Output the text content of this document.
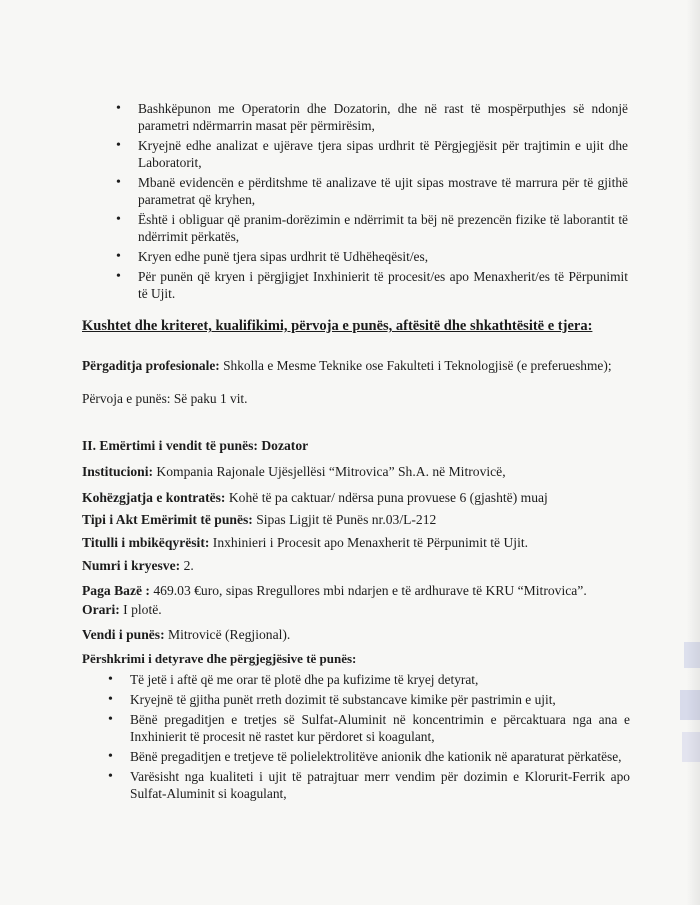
• Bashkëpunon me Operatorin dhe Dozatorin, dhe në rast të mospërputhjes së ndonjë parametri ndërmarrin masat për përmirësim,
• Kryejnë edhe analizat e ujërave tjera sipas urdhrit të Përgjegjësit për trajtimin e ujit dhe Laboratorit,
• Mbanë evidencën e përditshme të analizave të ujit sipas mostrave të marrura për të gjithë parametrat që kryhen,
• Është i obliguar që pranim-dorëzimin e ndërrimit ta bëj në prezencën fizike të laborantit të ndërrimit përkatës,
• Kryen edhe punë tjera sipas urdhrit të Udhëheqësit/es,
• Për punën që kryen i përgjigjet Inxhinierit të procesit/es apo Menaxherit/es të Përpunimit të Ujit.
Kushtet dhe kriteret, kualifikimi, përvoja e punës, aftësitë dhe shkathtësitë e tjera:
Përgaditja profesionale: Shkolla e Mesme Teknike ose Fakulteti i Teknologjisë (e preferueshme);
Përvoja e punës: Së paku 1 vit.
II. Emërtimi i vendit të punës: Dozator
Institucioni: Kompania Rajonale Ujësjellësi “Mitrovica” Sh.A. në Mitrovicë,
Kohëzgjatja e kontratës: Kohë të pa caktuar/ ndërsa puna provuese 6 (gjashtë) muaj
Tipi i Akt Emërimit të punës: Sipas Ligjit të Punës nr.03/L-212
Titulli i mbikëqyrësit: Inxhinieri i Procesit apo Menaxherit të Përpunimit të Ujit.
Numri i kryesve: 2.
Paga Bazë : 469.03 €uro, sipas Rregullores mbi ndarjen e të ardhurave të KRU “Mitrovica”.
Orari: I plotë.
Vendi i punës: Mitrovicë (Regjional).
Përshkrimi i detyrave dhe përgjegjësive të punës:
• Të jetë i aftë që me orar të plotë dhe pa kufizime të kryej detyrat,
• Kryejnë të gjitha punët rreth dozimit të substancave kimike për pastrimin e ujit,
• Bënë pregaditjen e tretjes së Sulfat-Aluminit në koncentrimin e përcaktuara nga ana e Inxhinierit të procesit në rastet kur përdoret si koagulant,
• Bënë pregaditjen e tretjeve të polielektrolitëve anionik dhe kationik në aparaturat përkatëse,
• Varësisht nga kualiteti i ujit të patrajtuar merr vendim për dozimin e Klorurit-Ferrik apo Sulfat-Aluminit si koagulant,
